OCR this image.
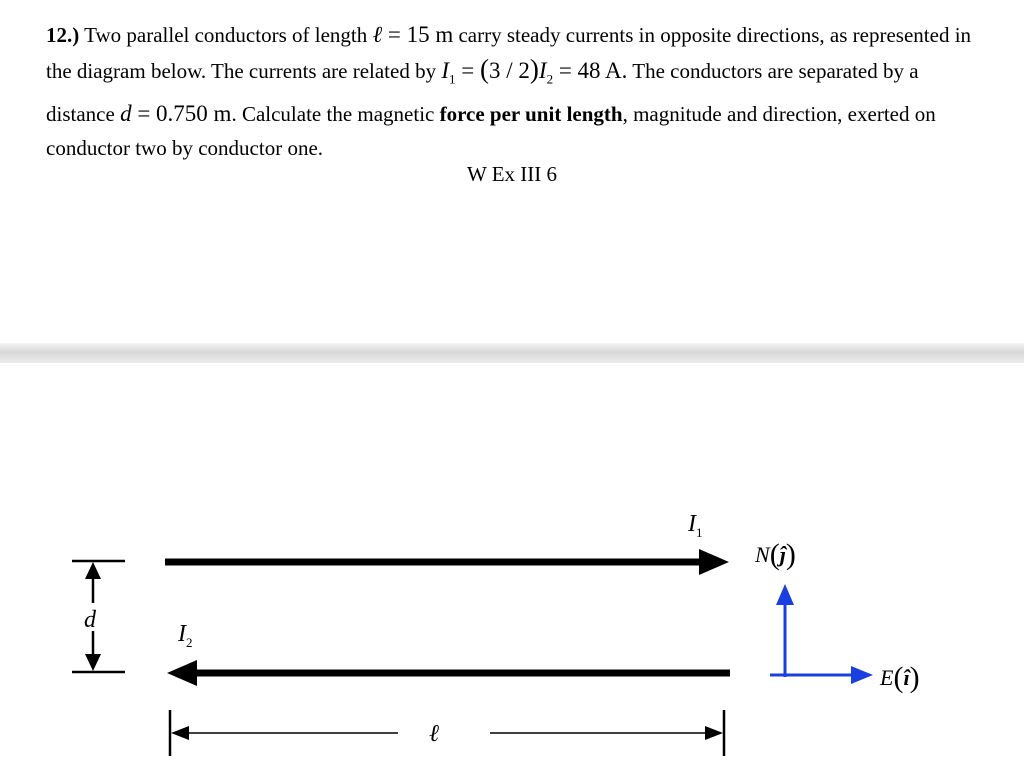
12.) Two parallel conductors of length ℓ = 15 m carry steady currents in opposite directions, as represented in the diagram below. The currents are related by $I_1 = (3 / 2)I_2 = 48$ A. The conductors are separated by a distance d = 0.750 m. Calculate the magnetic force per unit length, magnitude and direction, exerted on conductor two by conductor one.

W Ex III 6
d
$I_1$
$I_2$
ℓ
N(ĵ)
E(î)
